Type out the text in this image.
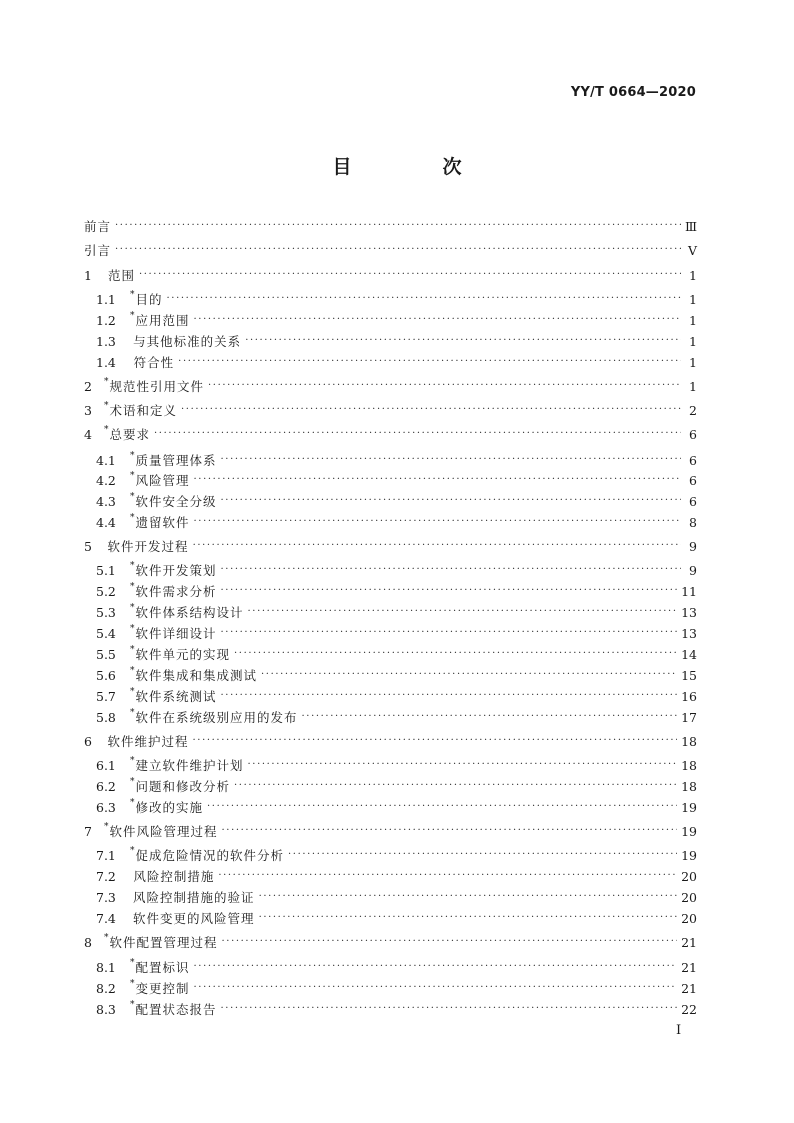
YY/T 0664—2020
目　次
前言 ·····	Ⅲ
引言 ·····	Ⅴ
1	范围 ·····	1
1.1	* 目的 ·····	1
1.2	* 应用范围 ·····	1
1.3	与其他标准的关系 ·····	1
1.4	符合性 ·····	1
2	* 规范性引用文件 ·····	1
3	* 术语和定义 ·····	2
4	* 总要求 ·····	6
4.1	* 质量管理体系 ·····	6
4.2	* 风险管理 ·····	6
4.3	* 软件安全分级 ·····	6
4.4	* 遗留软件 ·····	8
5	软件开发过程 ·····	9
5.1	* 软件开发策划 ·····	9
5.2	* 软件需求分析 ·····	11
5.3	* 软件体系结构设计 ·····	13
5.4	* 软件详细设计 ·····	13
5.5	* 软件单元的实现 ·····	14
5.6	* 软件集成和集成测试 ·····	15
5.7	* 软件系统测试 ·····	16
5.8	* 软件在系统级别应用的发布 ·····	17
6	软件维护过程 ·····	18
6.1	* 建立软件维护计划 ·····	18
6.2	* 问题和修改分析 ·····	18
6.3	* 修改的实施 ·····	19
7	* 软件风险管理过程 ·····	19
7.1	* 促成危险情况的软件分析 ·····	19
7.2	风险控制措施 ·····	20
7.3	风险控制措施的验证 ·····	20
7.4	软件变更的风险管理 ·····	20
8	* 软件配置管理过程 ·····	21
8.1	* 配置标识 ·····	21
8.2	* 变更控制 ·····	21
8.3	* 配置状态报告 ·····	22
Ⅰ
